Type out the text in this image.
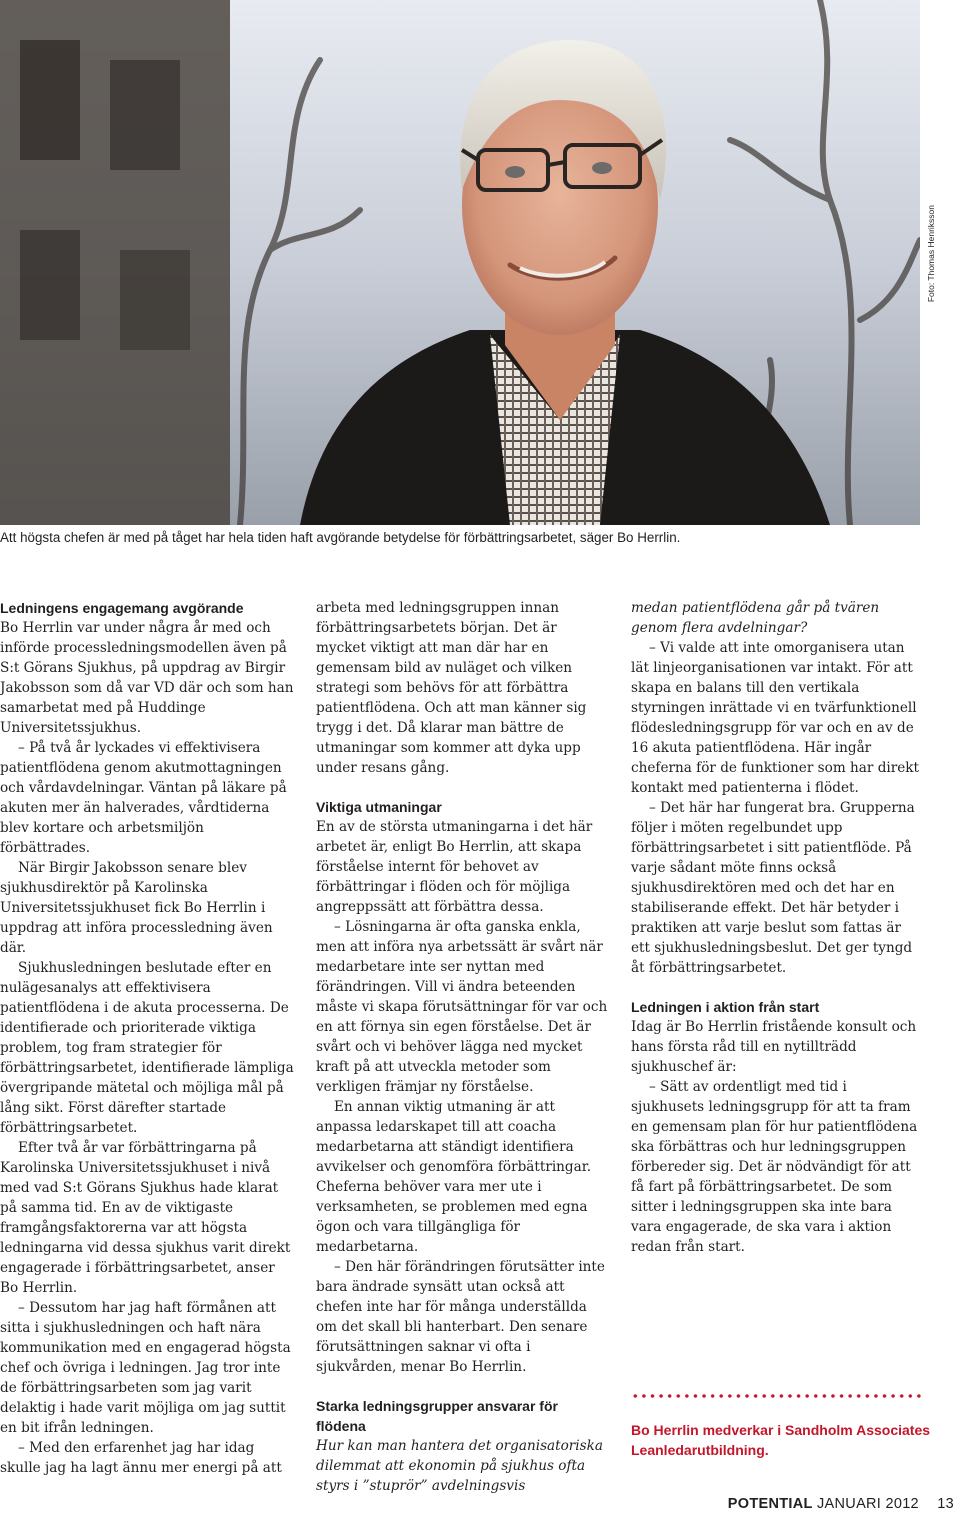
Foto: Thomas Henriksson
Att högsta chefen är med på tåget har hela tiden haft avgörande betydelse för förbättringsarbetet, säger Bo Herrlin.

Ledningens engagemang avgörande

Bo Herrlin var under några år med och införde processledningsmodellen även på S:t Görans Sjukhus, på uppdrag av Birgir Jakobsson som då var VD där och som han samarbetat med på Huddinge Universitetssjukhus.

– På två år lyckades vi effektivisera patientflödena genom akutmottagningen och vårdavdelningar. Väntan på läkare på akuten mer än halverades, vårdtiderna blev kortare och arbetsmiljön förbättrades.

När Birgir Jakobsson senare blev sjukhusdirektör på Karolinska Universitetssjukhuset fick Bo Herrlin i uppdrag att införa processledning även där.

Sjukhusledningen beslutade efter en nulägesanalys att effektivisera patientflödena i de akuta processerna. De identifierade och prioriterade viktiga problem, tog fram strategier för förbättringsarbetet, identifierade lämpliga övergripande mätetal och möjliga mål på lång sikt. Först därefter startade förbättringsarbetet.

Efter två år var förbättringarna på Karolinska Universitetssjukhuset i nivå med vad S:t Görans Sjukhus hade klarat på samma tid. En av de viktigaste framgångsfaktorerna var att högsta ledningarna vid dessa sjukhus varit direkt engagerade i förbättringsarbetet, anser Bo Herrlin.

– Dessutom har jag haft förmånen att sitta i sjukhusledningen och haft nära kommunikation med en engagerad högsta chef och övriga i ledningen. Jag tror inte de förbättringsarbeten som jag varit delaktig i hade varit möjliga om jag suttit en bit ifrån ledningen.

– Med den erfarenhet jag har idag skulle jag ha lagt ännu mer energi på att

arbeta med ledningsgruppen innan förbättringsarbetets början. Det är mycket viktigt att man där har en gemensam bild av nuläget och vilken strategi som behövs för att förbättra patientflödena. Och att man känner sig trygg i det. Då klarar man bättre de utmaningar som kommer att dyka upp under resans gång.

Viktiga utmaningar

En av de största utmaningarna i det här arbetet är, enligt Bo Herrlin, att skapa förståelse internt för behovet av förbättringar i flöden och för möjliga angreppssätt att förbättra dessa.

– Lösningarna är ofta ganska enkla, men att införa nya arbetssätt är svårt när medarbetare inte ser nyttan med förändringen. Vill vi ändra beteenden måste vi skapa förutsättningar för var och en att förnya sin egen förståelse. Det är svårt och vi behöver lägga ned mycket kraft på att utveckla metoder som verkligen främjar ny förståelse.

En annan viktig utmaning är att anpassa ledarskapet till att coacha medarbetarna att ständigt identifiera avvikelser och genomföra förbättringar. Cheferna behöver vara mer ute i verksamheten, se problemen med egna ögon och vara tillgängliga för medarbetarna.

– Den här förändringen förutsätter inte bara ändrade synsätt utan också att chefen inte har för många underställda om det skall bli hanterbart. Den senare förutsättningen saknar vi ofta i sjukvården, menar Bo Herrlin.

Starka ledningsgrupper ansvarar för flödena

Hur kan man hantera det organisatoriska dilemmat att ekonomin på sjukhus ofta styrs i ”stuprör” avdelningsvis

medan patientflödena går på tvären genom flera avdelningar?

– Vi valde att inte omorganisera utan lät linjeorganisationen var intakt. För att skapa en balans till den vertikala styrningen inrättade vi en tvärfunktionell flödesledningsgrupp för var och en av de 16 akuta patientflödena. Här ingår cheferna för de funktioner som har direkt kontakt med patienterna i flödet.

– Det här har fungerat bra. Grupperna följer i möten regelbundet upp förbättringsarbetet i sitt patientflöde. På varje sådant möte finns också sjukhusdirektören med och det har en stabiliserande effekt. Det här betyder i praktiken att varje beslut som fattas är ett sjukhusledningsbeslut. Det ger tyngd åt förbättringsarbetet.

Ledningen i aktion från start

Idag är Bo Herrlin fristående konsult och hans första råd till en nytillträdd sjukhuschef är:

– Sätt av ordentligt med tid i sjukhusets ledningsgrupp för att ta fram en gemensam plan för hur patientflödena ska förbättras och hur ledningsgruppen förbereder sig. Det är nödvändigt för att få fart på förbättringsarbetet. De som sitter i ledningsgruppen ska inte bara vara engagerade, de ska vara i aktion redan från start.

Bo Herrlin medverkar i Sandholm Associates Leanledarutbildning.
POTENTIAL JANUARI 2012 13
